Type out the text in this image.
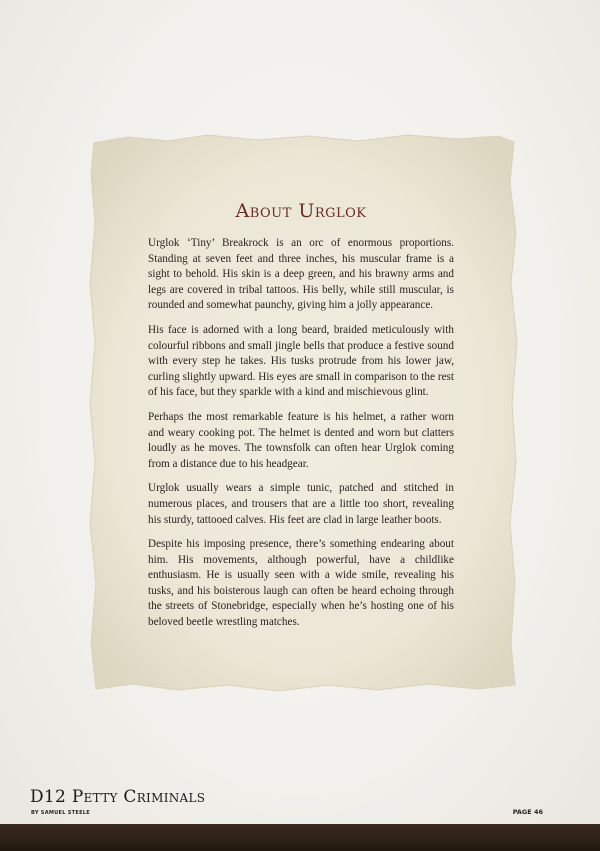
About Urglok

Urglok ‘Tiny’ Breakrock is an orc of enormous proportions. Standing at seven feet and three inches, his muscular frame is a sight to behold. His skin is a deep green, and his brawny arms and legs are covered in tribal tattoos. His belly, while still muscular, is rounded and somewhat paunchy, giving him a jolly appearance.

His face is adorned with a long beard, braided meticulously with colourful ribbons and small jingle bells that produce a festive sound with every step he takes. His tusks protrude from his lower jaw, curling slightly upward. His eyes are small in comparison to the rest of his face, but they sparkle with a kind and mischievous glint.

Perhaps the most remarkable feature is his helmet, a rather worn and weary cooking pot. The helmet is dented and worn but clatters loudly as he moves. The townsfolk can often hear Urglok coming from a distance due to his headgear.

Urglok usually wears a simple tunic, patched and stitched in numerous places, and trousers that are a little too short, revealing his sturdy, tattooed calves. His feet are clad in large leather boots.

Despite his imposing presence, there’s something endearing about him. His movements, although powerful, have a childlike enthusiasm. He is usually seen with a wide smile, revealing his tusks, and his boisterous laugh can often be heard echoing through the streets of Stonebridge, especially when he’s hosting one of his beloved beetle wrestling matches.

D12 Petty Criminals
BY SAMUEL STEELE	PAGE 46
